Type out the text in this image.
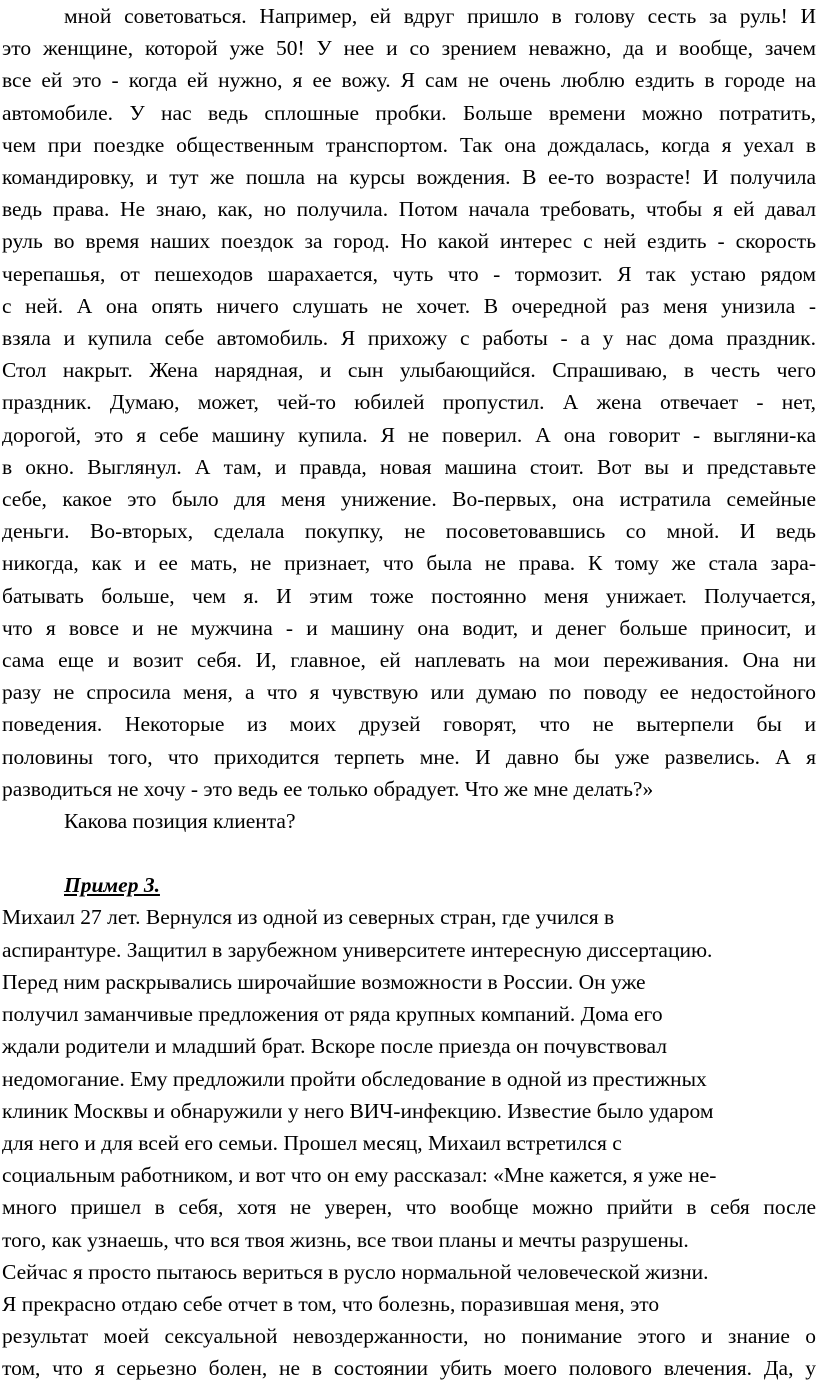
мной советоваться. Например, ей вдруг пришло в голову сесть за руль! И
это женщине, которой уже 50! У нее и со зрением неважно, да и вообще, зачем
все ей это - когда ей нужно, я ее вожу. Я сам не очень люблю ездить в городе на
автомобиле. У нас ведь сплошные пробки. Больше времени можно потратить,
чем при поездке общественным транспортом. Так она дождалась, когда я уехал в
командировку, и тут же пошла на курсы вождения. В ее-то возрасте! И получила
ведь права. Не знаю, как, но получила. Потом начала требовать, чтобы я ей давал
руль во время наших поездок за город. Но какой интерес с ней ездить - скорость
черепашья, от пешеходов шарахается, чуть что - тормозит. Я так устаю рядом
с ней. А она опять ничего слушать не хочет. В очередной раз меня унизила -
взяла и купила себе автомобиль. Я прихожу с работы - а у нас дома праздник.
Стол накрыт. Жена нарядная, и сын улыбающийся. Спрашиваю, в честь чего
праздник. Думаю, может, чей-то юбилей пропустил. А жена отвечает - нет,
дорогой, это я себе машину купила. Я не поверил. А она говорит - выгляни-ка
в окно. Выглянул. А там, и правда, новая машина стоит. Вот вы и представьте
себе, какое это было для меня унижение. Во-первых, она истратила семейные
деньги. Во-вторых, сделала покупку, не посоветовавшись со мной. И ведь
никогда, как и ее мать, не признает, что была не права. К тому же стала зара-
батывать больше, чем я. И этим тоже постоянно меня унижает. Получается,
что я вовсе и не мужчина - и машину она водит, и денег больше приносит, и
сама еще и возит себя. И, главное, ей наплевать на мои переживания. Она ни
разу не спросила меня, а что я чувствую или думаю по поводу ее недостойного
поведения. Некоторые из моих друзей говорят, что не вытерпели бы и
половины того, что приходится терпеть мне. И давно бы уже развелись. А я
разводиться не хочу - это ведь ее только обрадует. Что же мне делать?»
Какова позиция клиента?
Пример 3.
Михаил 27 лет. Вернулся из одной из северных стран, где учился в
аспирантуре. Защитил в зарубежном университете интересную диссертацию.
Перед ним раскрывались широчайшие возможности в России. Он уже
получил заманчивые предложения от ряда крупных компаний. Дома его
ждали родители и младший брат. Вскоре после приезда он почувствовал
недомогание. Ему предложили пройти обследование в одной из престижных
клиник Москвы и обнаружили у него ВИЧ-инфекцию. Известие было ударом
для него и для всей его семьи. Прошел месяц, Михаил встретился с
социальным работником, и вот что он ему рассказал: «Мне кажется, я уже не-
много пришел в себя, хотя не уверен, что вообще можно прийти в себя после
того, как узнаешь, что вся твоя жизнь, все твои планы и мечты разрушены.
Сейчас я просто пытаюсь вериться в русло нормальной человеческой жизни.
Я прекрасно отдаю себе отчет в том, что болезнь, поразившая меня, это
результат моей сексуальной невоздержанности, но понимание этого и знание о
том, что я серьезно болен, не в состоянии убить моего полового влечения. Да, у
